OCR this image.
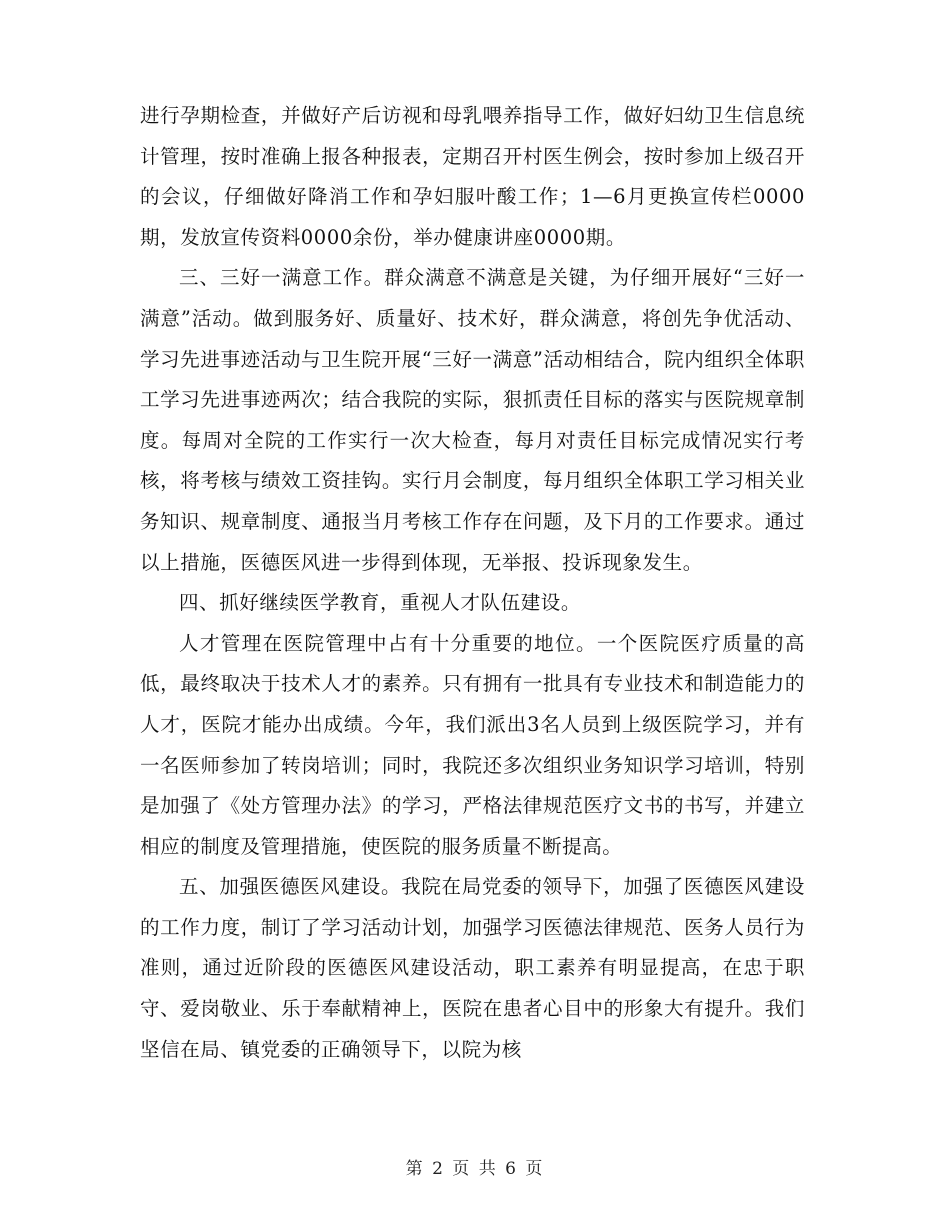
进行孕期检查，并做好产后访视和母乳喂养指导工作，做好妇幼卫生信息统计管理，按时准确上报各种报表，定期召开村医生例会，按时参加上级召开的会议，仔细做好降消工作和孕妇服叶酸工作；1—6月更换宣传栏0000期，发放宣传资料0000余份，举办健康讲座0000期。

三、三好一满意工作。群众满意不满意是关键，为仔细开展好“三好一满意”活动。做到服务好、质量好、技术好，群众满意，将创先争优活动、学习先进事迹活动与卫生院开展“三好一满意”活动相结合，院内组织全体职工学习先进事迹两次；结合我院的实际，狠抓责任目标的落实与医院规章制度。每周对全院的工作实行一次大检查，每月对责任目标完成情况实行考核，将考核与绩效工资挂钩。实行月会制度，每月组织全体职工学习相关业务知识、规章制度、通报当月考核工作存在问题，及下月的工作要求。通过以上措施，医德医风进一步得到体现，无举报、投诉现象发生。

四、抓好继续医学教育，重视人才队伍建设。

人才管理在医院管理中占有十分重要的地位。一个医院医疗质量的高低，最终取决于技术人才的素养。只有拥有一批具有专业技术和制造能力的人才，医院才能办出成绩。今年，我们派出3名人员到上级医院学习，并有一名医师参加了转岗培训；同时，我院还多次组织业务知识学习培训，特别是加强了《处方管理办法》的学习，严格法律规范医疗文书的书写，并建立相应的制度及管理措施，使医院的服务质量不断提高。

五、加强医德医风建设。我院在局党委的领导下，加强了医德医风建设的工作力度，制订了学习活动计划，加强学习医德法律规范、医务人员行为准则，通过近阶段的医德医风建设活动，职工素养有明显提高，在忠于职守、爱岗敬业、乐于奉献精神上，医院在患者心目中的形象大有提升。我们坚信在局、镇党委的正确领导下，以院为核

第 2 页 共 6 页
